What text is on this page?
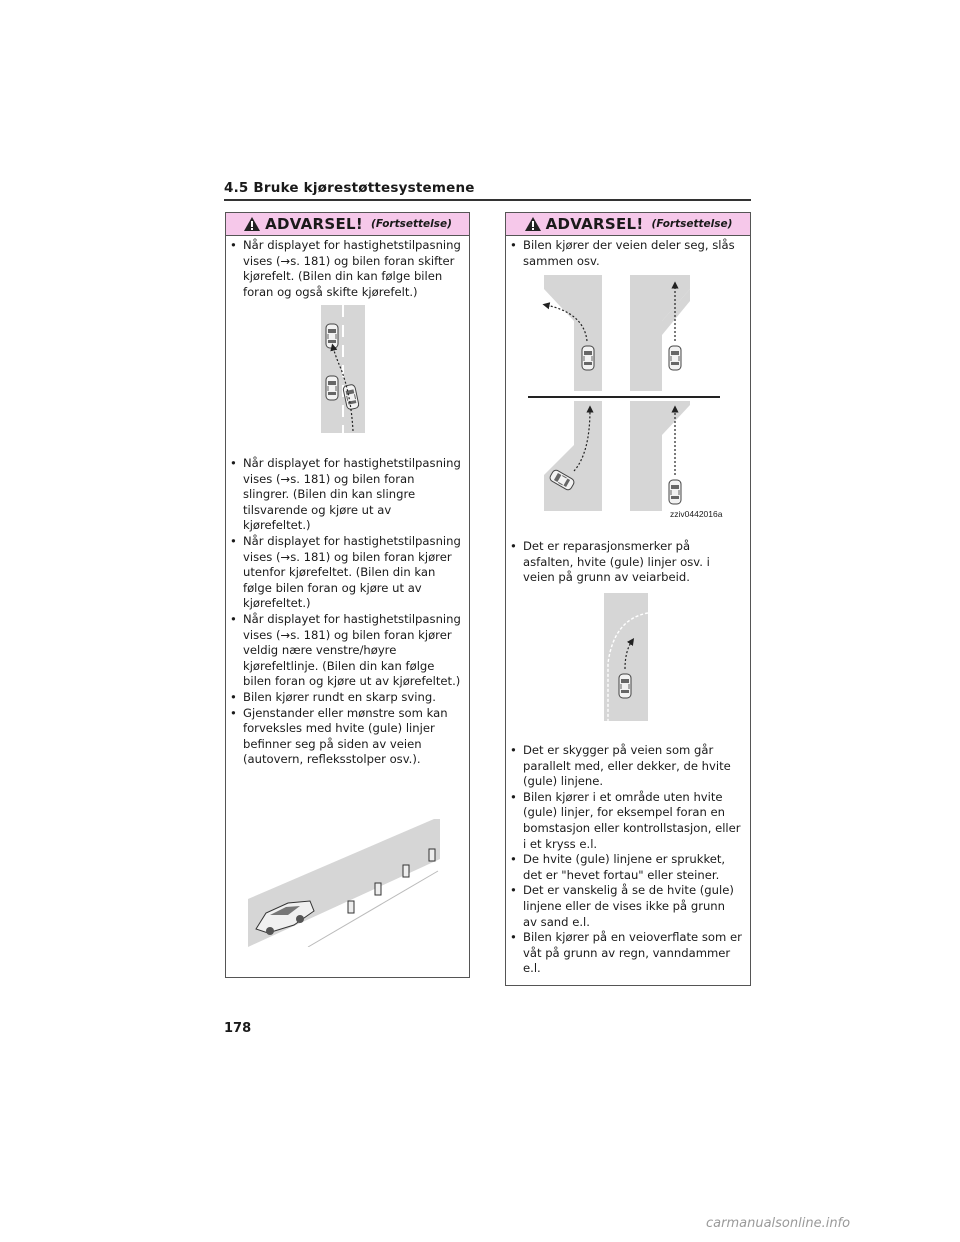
4.5 Bruke kjørestøttesystemene
ADVARSEL! (Fortsettelse)
• Når displayet for hastighetstilpasning vises (→s. 181) og bilen foran skifter kjørefelt. (Bilen din kan følge bilen foran og også skifte kjørefelt.)
• Når displayet for hastighetstilpasning vises (→s. 181) og bilen foran slingrer. (Bilen din kan slingre tilsvarende og kjøre ut av kjørefeltet.)
• Når displayet for hastighetstilpasning vises (→s. 181) og bilen foran kjører utenfor kjørefeltet. (Bilen din kan følge bilen foran og kjøre ut av kjørefeltet.)
• Når displayet for hastighetstilpasning vises (→s. 181) og bilen foran kjører veldig nære venstre/høyre kjørefeltlinje. (Bilen din kan følge bilen foran og kjøre ut av kjørefeltet.)
• Bilen kjører rundt en skarp sving.
• Gjenstander eller mønstre som kan forveksles med hvite (gule) linjer befinner seg på siden av veien (autovern, refleksstolper osv.).
ADVARSEL! (Fortsettelse)
• Bilen kjører der veien deler seg, slås sammen osv.
zziv0442016a
• Det er reparasjonsmerker på asfalten, hvite (gule) linjer osv. i veien på grunn av veiarbeid.
• Det er skygger på veien som går parallelt med, eller dekker, de hvite (gule) linjene.
• Bilen kjører i et område uten hvite (gule) linjer, for eksempel foran en bomstasjon eller kontrollstasjon, eller i et kryss e.l.
• De hvite (gule) linjene er sprukket, det er "hevet fortau" eller steiner.
• Det er vanskelig å se de hvite (gule) linjene eller de vises ikke på grunn av sand e.l.
• Bilen kjører på en veioverflate som er våt på grunn av regn, vanndammer e.l.
178
carmanualsonline.info
